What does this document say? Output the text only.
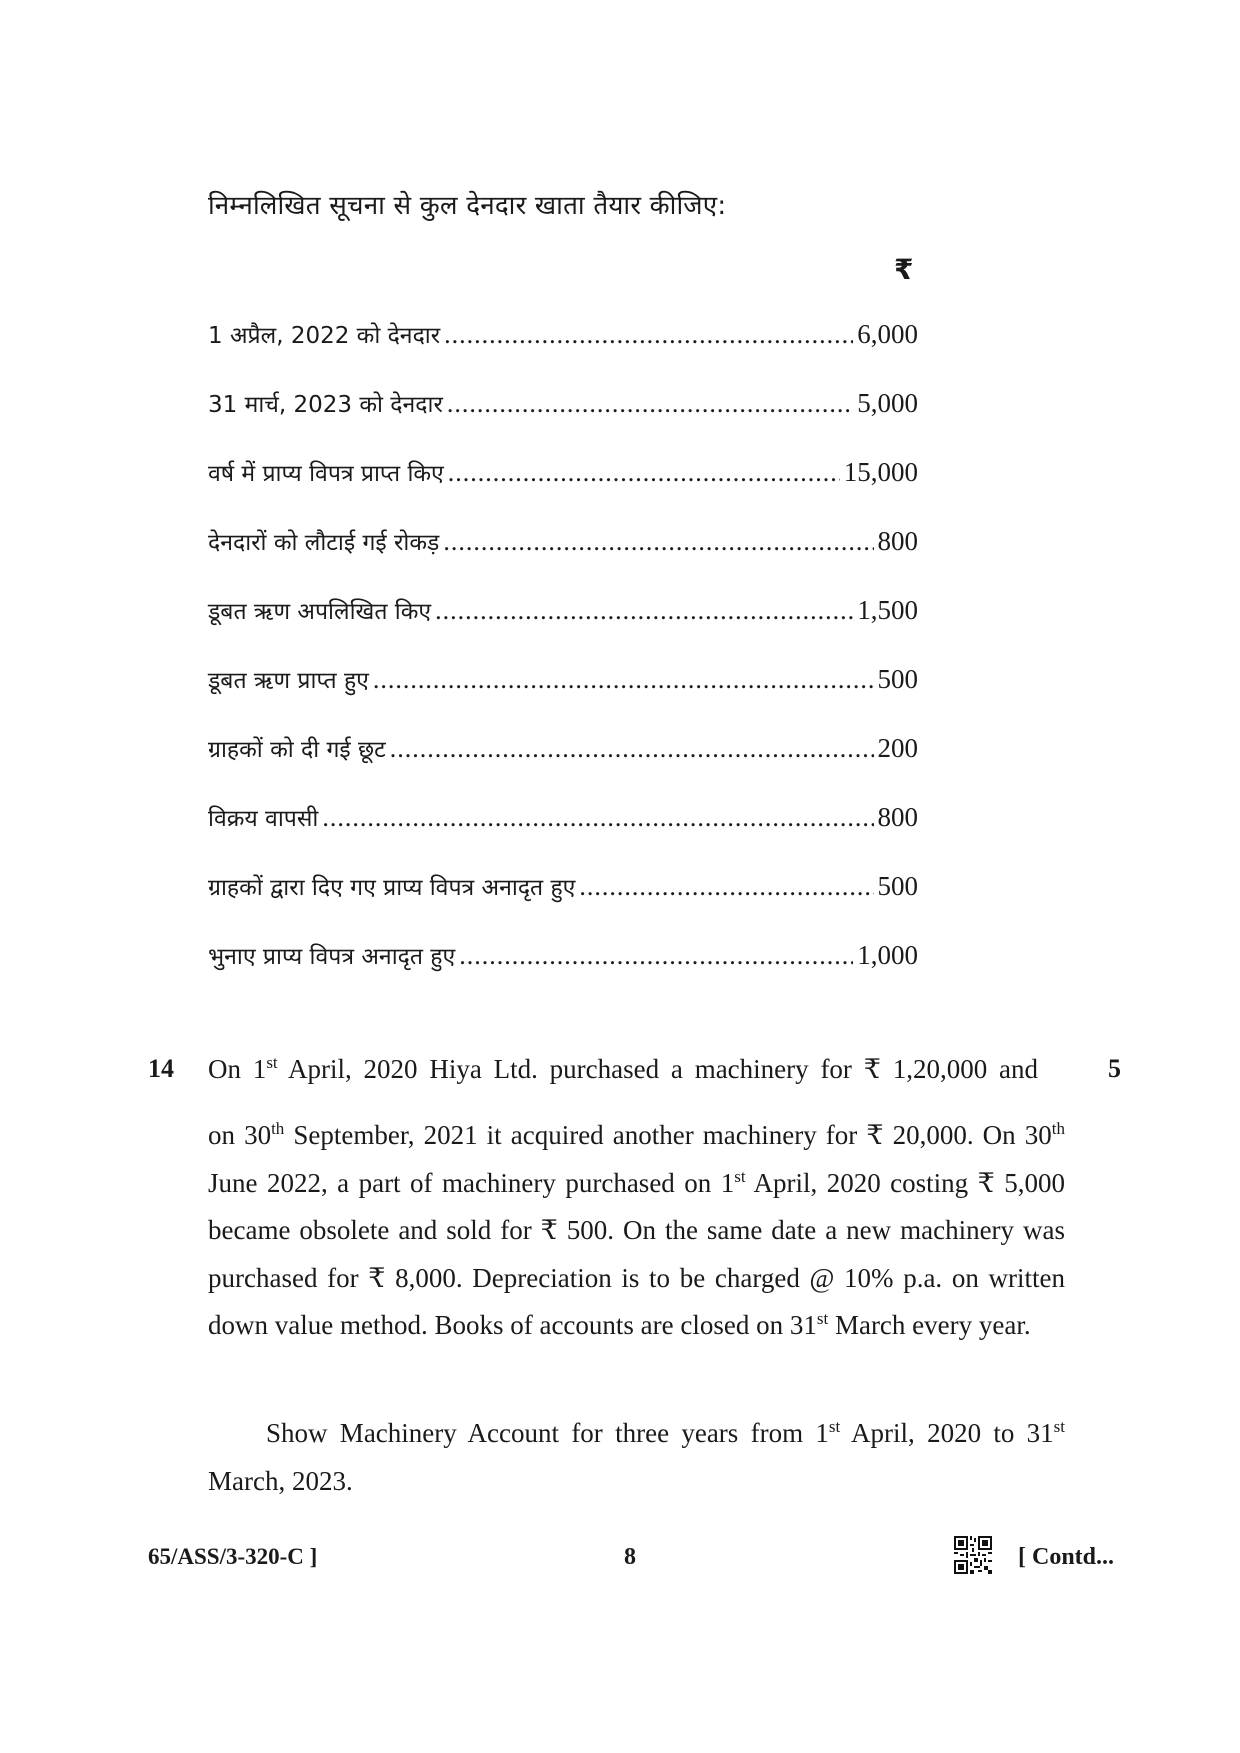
निम्नलिखित सूचना से कुल देनदार खाता तैयार कीजिए:
₹
1 अप्रैल, 2022 को देनदार .....	6,000
31 मार्च, 2023 को देनदार .....	5,000
वर्ष में प्राप्य विपत्र प्राप्त किए .....	15,000
देनदारों को लौटाई गई रोकड़ .....	800
डूबत ऋण अपलिखित किए .....	1,500
डूबत ऋण प्राप्त हुए .....	500
ग्राहकों को दी गई छूट .....	200
विक्रय वापसी .....	800
ग्राहकों द्वारा दिए गए प्राप्य विपत्र अनादृत हुए .....	500
भुनाए प्राप्य विपत्र अनादृत हुए .....	1,000
14	5
On 1st April, 2020 Hiya Ltd. purchased a machinery for ₹ 1,20,000 and
on 30th September, 2021 it acquired another machinery for ₹ 20,000. On 30th June 2022, a part of machinery purchased on 1st April, 2020 costing ₹ 5,000 became obsolete and sold for ₹ 500. On the same date a new machinery was purchased for ₹ 8,000. Depreciation is to be charged @ 10% p.a. on written down value method. Books of accounts are closed on 31st March every year.
Show Machinery Account for three years from 1st April, 2020 to 31st March, 2023.
65/ASS/3-320-C ]	8	[ Contd...
